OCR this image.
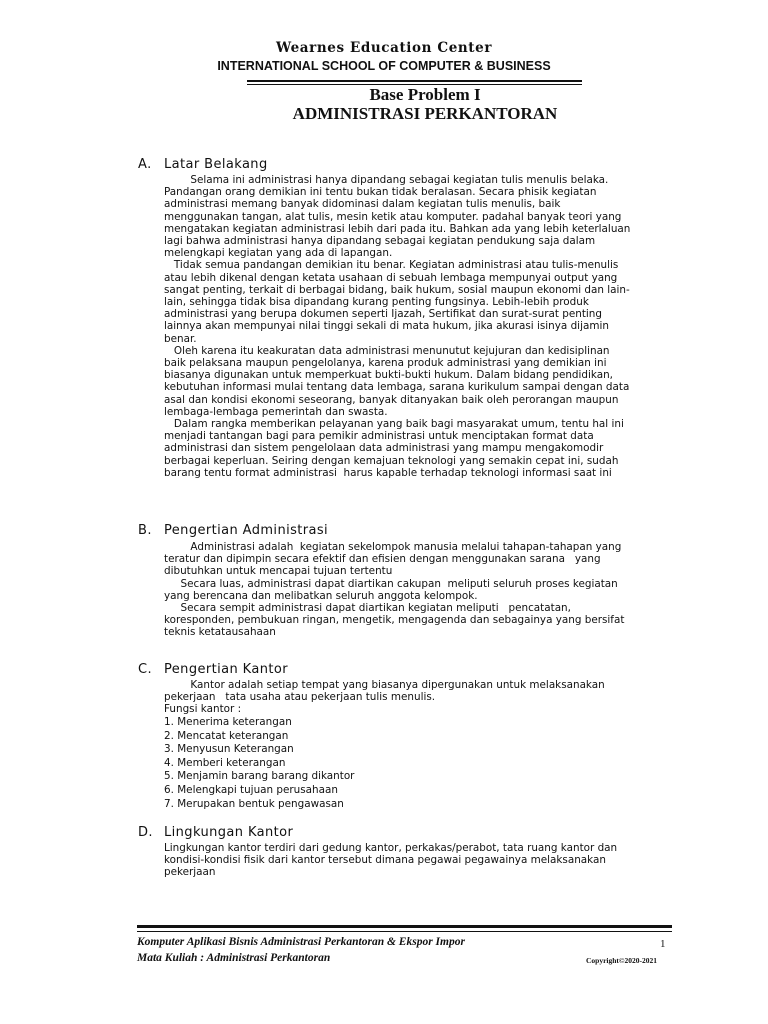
Wearnes Education Center
INTERNATIONAL SCHOOL OF COMPUTER & BUSINESS
Base Problem I
ADMINISTRASI PERKANTORAN
A. Latar Belakang
Selama ini administrasi hanya dipandang sebagai kegiatan tulis menulis belaka.
Pandangan orang demikian ini tentu bukan tidak beralasan. Secara phisik kegiatan
administrasi memang banyak didominasi dalam kegiatan tulis menulis, baik
menggunakan tangan, alat tulis, mesin ketik atau komputer. padahal banyak teori yang
mengatakan kegiatan administrasi lebih dari pada itu. Bahkan ada yang lebih keterlaluan
lagi bahwa administrasi hanya dipandang sebagai kegiatan pendukung saja dalam
melengkapi kegiatan yang ada di lapangan.
Tidak semua pandangan demikian itu benar. Kegiatan administrasi atau tulis-menulis
atau lebih dikenal dengan ketata usahaan di sebuah lembaga mempunyai output yang
sangat penting, terkait di berbagai bidang, baik hukum, sosial maupun ekonomi dan lain-
lain, sehingga tidak bisa dipandang kurang penting fungsinya. Lebih-lebih produk
administrasi yang berupa dokumen seperti Ijazah, Sertifikat dan surat-surat penting
lainnya akan mempunyai nilai tinggi sekali di mata hukum, jika akurasi isinya dijamin
benar.
Oleh karena itu keakuratan data administrasi menunutut kejujuran dan kedisiplinan
baik pelaksana maupun pengelolanya, karena produk administrasi yang demikian ini
biasanya digunakan untuk memperkuat bukti-bukti hukum. Dalam bidang pendidikan,
kebutuhan informasi mulai tentang data lembaga, sarana kurikulum sampai dengan data
asal dan kondisi ekonomi seseorang, banyak ditanyakan baik oleh perorangan maupun
lembaga-lembaga pemerintah dan swasta.
Dalam rangka memberikan pelayanan yang baik bagi masyarakat umum, tentu hal ini
menjadi tantangan bagi para pemikir administrasi untuk menciptakan format data
administrasi dan sistem pengelolaan data administrasi yang mampu mengakomodir
berbagai keperluan. Seiring dengan kemajuan teknologi yang semakin cepat ini, sudah
barang tentu format administrasi  harus kapable terhadap teknologi informasi saat ini
B. Pengertian Administrasi
Administrasi adalah  kegiatan sekelompok manusia melalui tahapan-tahapan yang
teratur dan dipimpin secara efektif dan efisien dengan menggunakan sarana   yang
dibutuhkan untuk mencapai tujuan tertentu
Secara luas, administrasi dapat diartikan cakupan  meliputi seluruh proses kegiatan
yang berencana dan melibatkan seluruh anggota kelompok.
Secara sempit administrasi dapat diartikan kegiatan meliputi   pencatatan,
koresponden, pembukuan ringan, mengetik, mengagenda dan sebagainya yang bersifat
teknis ketatausahaan
C. Pengertian Kantor
Kantor adalah setiap tempat yang biasanya dipergunakan untuk melaksanakan
pekerjaan   tata usaha atau pekerjaan tulis menulis.
Fungsi kantor :
1. Menerima keterangan
2. Mencatat keterangan
3. Menyusun Keterangan
4. Memberi keterangan
5. Menjamin barang barang dikantor
6. Melengkapi tujuan perusahaan
7. Merupakan bentuk pengawasan
D. Lingkungan Kantor
Lingkungan kantor terdiri dari gedung kantor, perkakas/perabot, tata ruang kantor dan
kondisi-kondisi fisik dari kantor tersebut dimana pegawai pegawainya melaksanakan
pekerjaan
Komputer Aplikasi Bisnis Administrasi Perkantoran & Ekspor Impor
Mata Kuliah : Administrasi Perkantoran
1
Copyright©2020-2021
